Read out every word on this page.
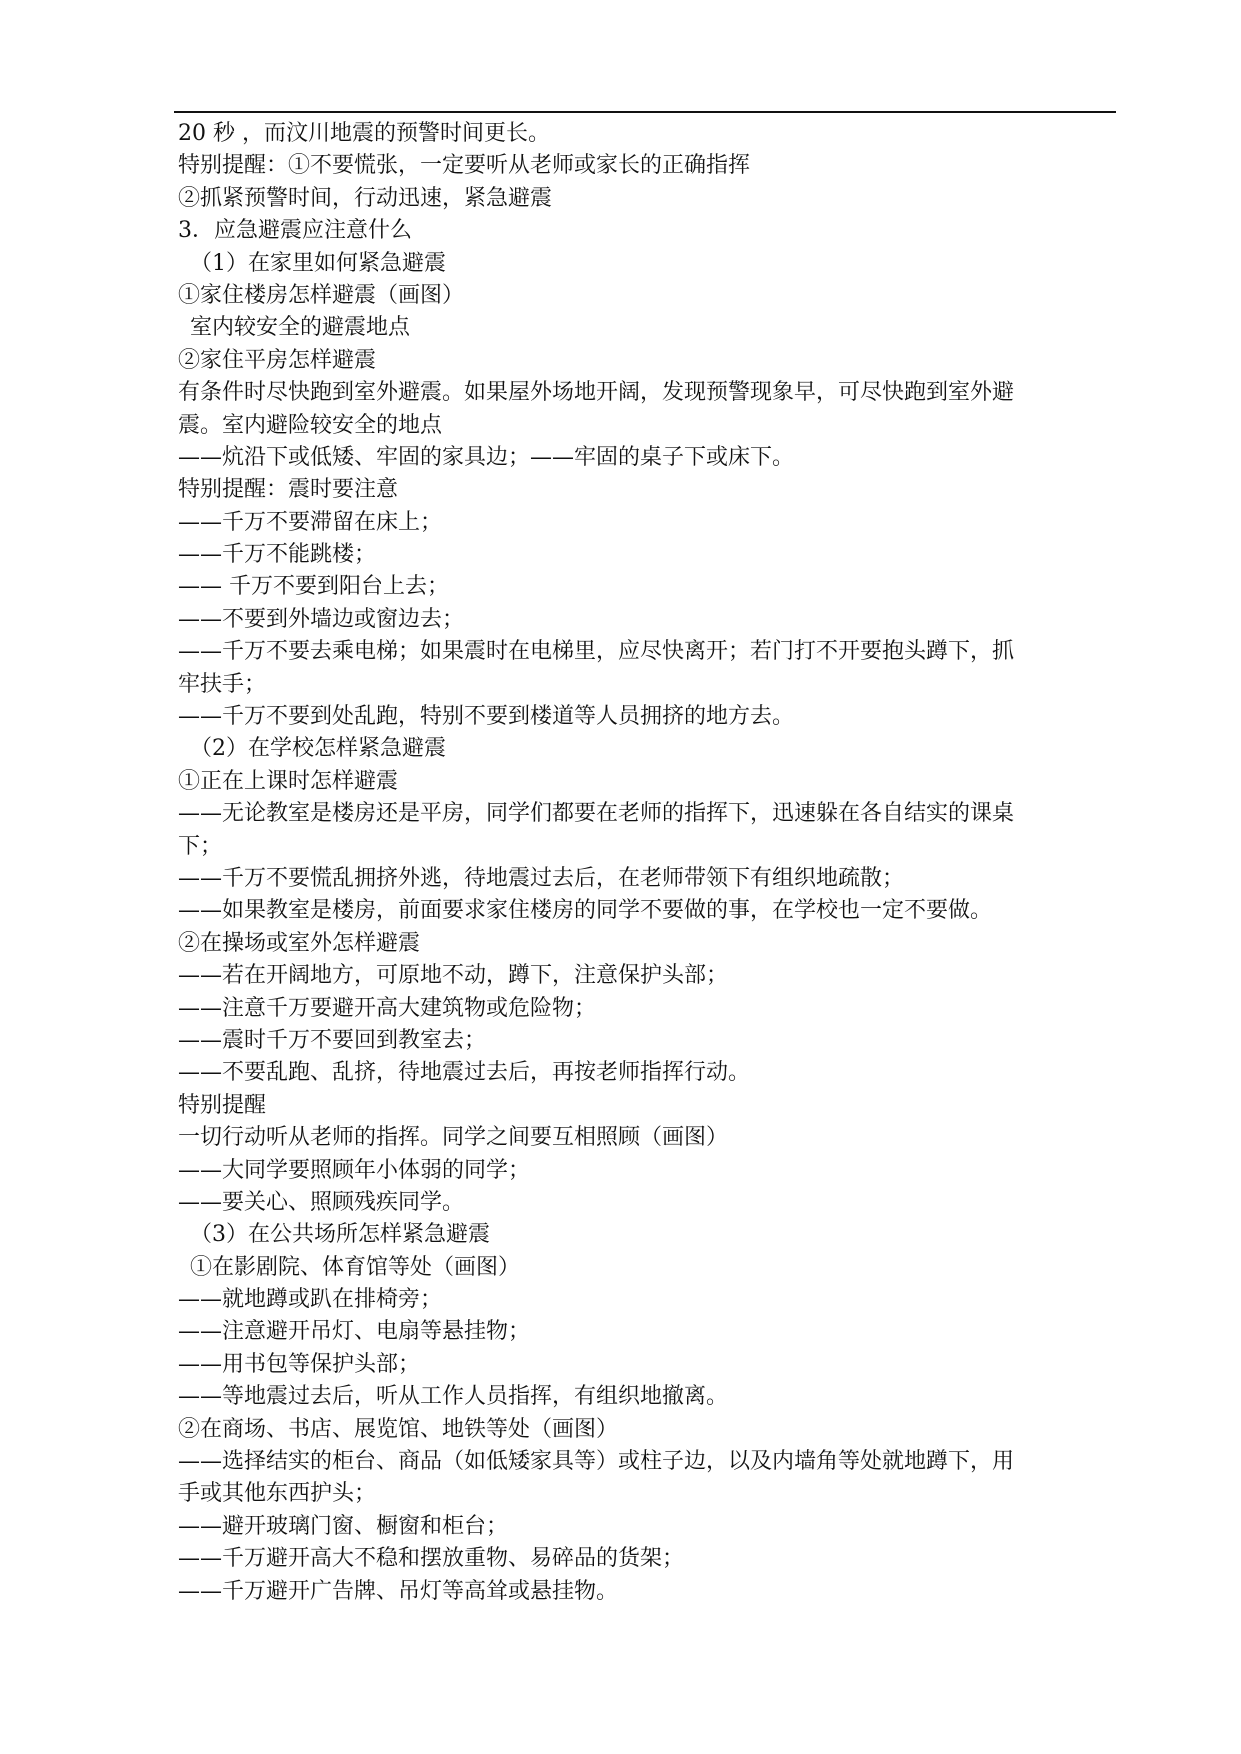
20 秒 ，而汶川地震的预警时间更长。
特别提醒：①不要慌张，一定要听从老师或家长的正确指挥
②抓紧预警时间，行动迅速，紧急避震
3．应急避震应注意什么
（1）在家里如何紧急避震
①家住楼房怎样避震（画图）
室内较安全的避震地点
②家住平房怎样避震
有条件时尽快跑到室外避震。如果屋外场地开阔，发现预警现象早，可尽快跑到室外避
震。室内避险较安全的地点
——炕沿下或低矮、牢固的家具边；——牢固的桌子下或床下。
特别提醒：震时要注意
——千万不要滞留在床上；
——千万不能跳楼；
—— 千万不要到阳台上去；
——不要到外墙边或窗边去；
——千万不要去乘电梯；如果震时在电梯里，应尽快离开；若门打不开要抱头蹲下，抓
牢扶手；
——千万不要到处乱跑，特别不要到楼道等人员拥挤的地方去。
（2）在学校怎样紧急避震
①正在上课时怎样避震
——无论教室是楼房还是平房，同学们都要在老师的指挥下，迅速躲在各自结实的课桌
下；
——千万不要慌乱拥挤外逃，待地震过去后，在老师带领下有组织地疏散；
——如果教室是楼房，前面要求家住楼房的同学不要做的事，在学校也一定不要做。
②在操场或室外怎样避震
——若在开阔地方，可原地不动，蹲下，注意保护头部；
——注意千万要避开高大建筑物或危险物；
——震时千万不要回到教室去；
——不要乱跑、乱挤，待地震过去后，再按老师指挥行动。
特别提醒
一切行动听从老师的指挥。同学之间要互相照顾（画图）
——大同学要照顾年小体弱的同学；
——要关心、照顾残疾同学。
（3）在公共场所怎样紧急避震
①在影剧院、体育馆等处（画图）
——就地蹲或趴在排椅旁；
——注意避开吊灯、电扇等悬挂物；
——用书包等保护头部；
——等地震过去后，听从工作人员指挥，有组织地撤离。
②在商场、书店、展览馆、地铁等处（画图）
——选择结实的柜台、商品（如低矮家具等）或柱子边，以及内墙角等处就地蹲下，用
手或其他东西护头；
——避开玻璃门窗、橱窗和柜台；
——千万避开高大不稳和摆放重物、易碎品的货架；
——千万避开广告牌、吊灯等高耸或悬挂物。
